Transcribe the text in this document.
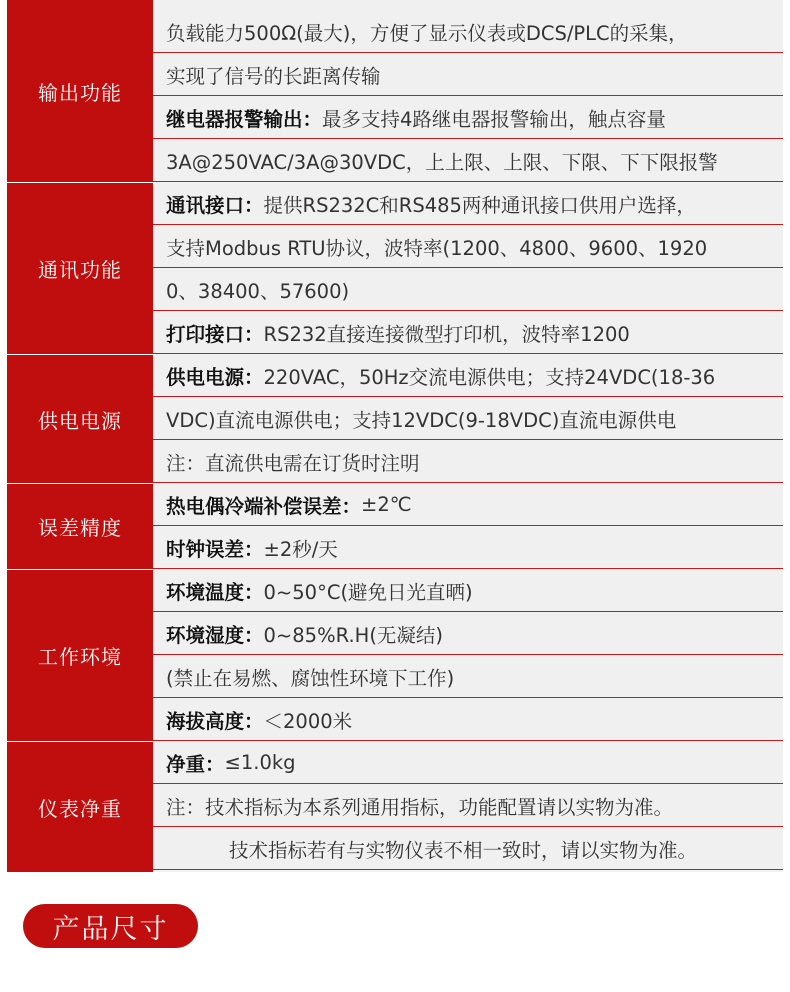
输出功能
通讯功能
供电电源
误差精度
工作环境
仪表净重
负载能力500Ω(最大)，方便了显示仪表或DCS/PLC的采集，
实现了信号的长距离传输
继电器报警输出： 最多支持4路继电器报警输出，触点容量
3A@250VAC/3A@30VDC，上上限、上限、下限、下下限报警
通讯接口： 提供RS232C和RS485两种通讯接口供用户选择，
支持Modbus RTU协议，波特率(1200、4800、9600、1920
0、38400、57600)
打印接口： RS232直接连接微型打印机，波特率1200
供电电源： 220VAC，50Hz交流电源供电；支持24VDC(18-36
VDC)直流电源供电；支持12VDC(9-18VDC)直流电源供电
注：直流供电需在订货时注明
热电偶冷端补偿误差： ±2℃
时钟误差： ±2秒/天
环境温度： 0~50°C(避免日光直晒)
环境湿度： 0~85%R.H(无凝结)
(禁止在易燃、腐蚀性环境下工作)
海拔高度： ＜2000米
净重： ≤1.0kg
注：技术指标为本系列通用指标，功能配置请以实物为准。
技术指标若有与实物仪表不相一致时，请以实物为准。
产品尺寸
